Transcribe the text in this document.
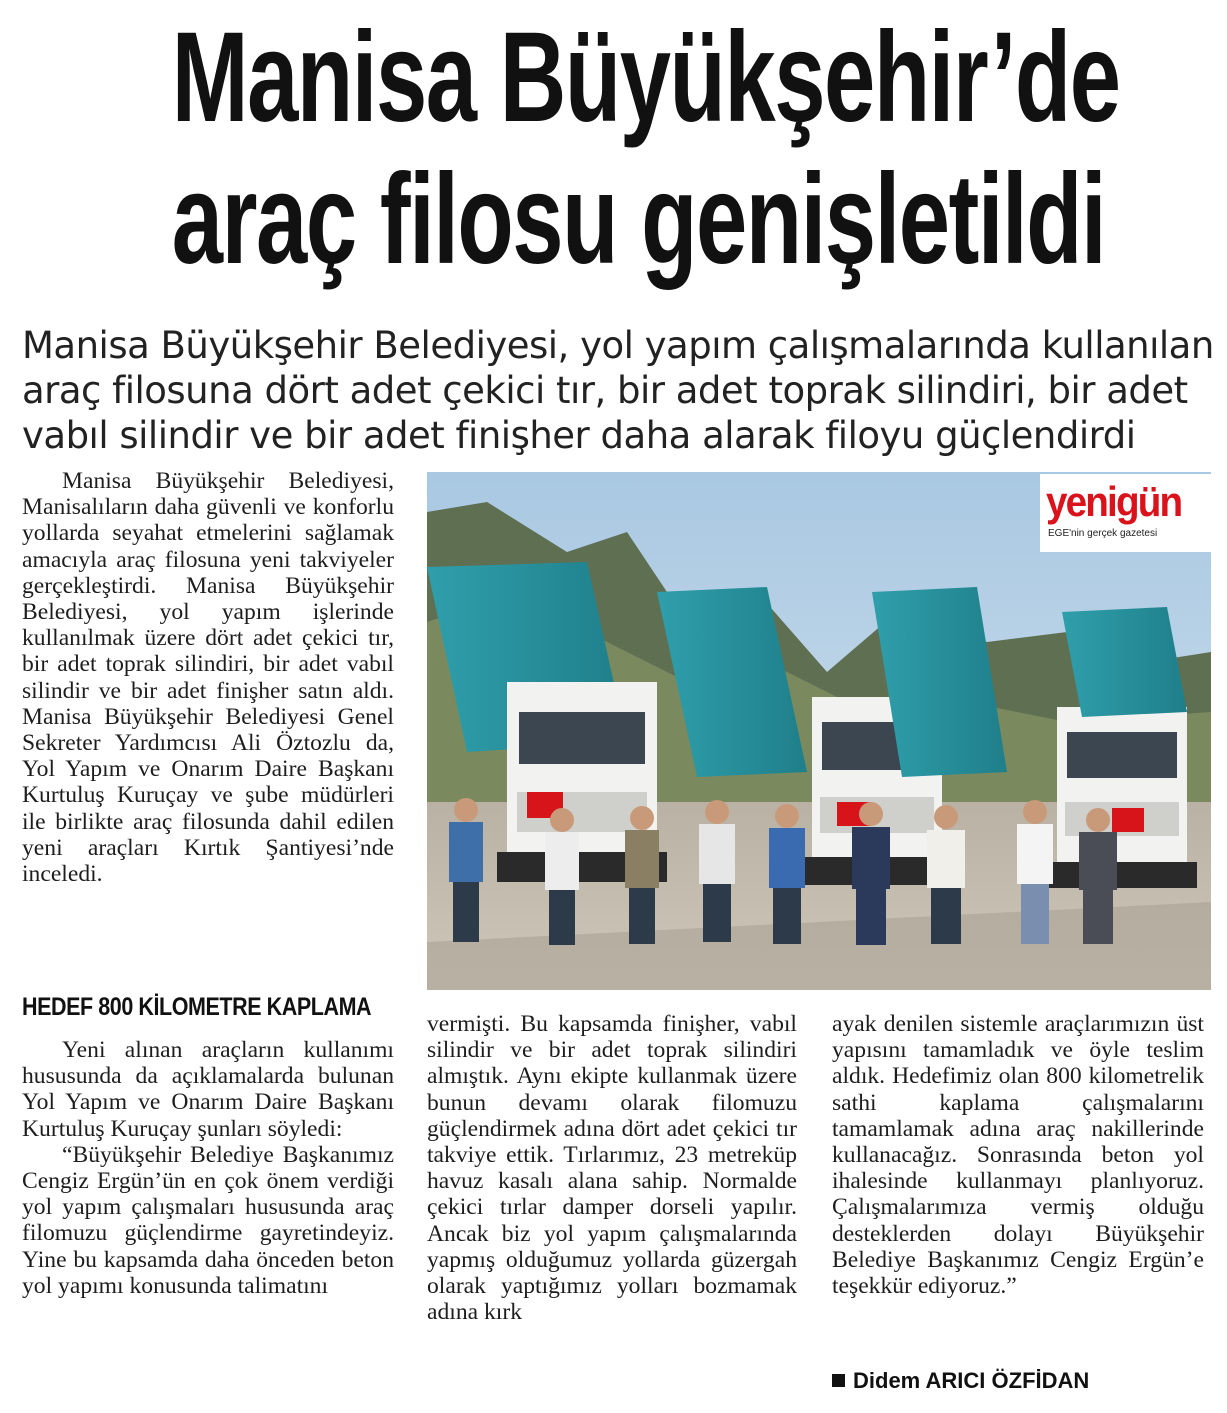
Manisa Büyükşehir’de
araç filosu genişletildi
Manisa Büyükşehir Belediyesi, yol yapım çalışmalarında kullanılan
araç filosuna dört adet çekici tır, bir adet toprak silindiri, bir adet
vabıl silindir ve bir adet finişher daha alarak filoyu güçlendirdi

Manisa Büyükşehir Belediyesi, Manisalıların daha güvenli ve konforlu yollarda seyahat etmelerini sağlamak amacıyla araç filosuna yeni takviyeler gerçekleştirdi. Manisa Büyükşehir Belediyesi, yol yapım işlerinde kullanılmak üzere dört adet çekici tır, bir adet toprak silindiri, bir adet vabıl silindir ve bir adet finişher satın aldı. Manisa Büyükşehir Belediyesi Genel Sekreter Yardımcısı Ali Öztozlu da, Yol Yapım ve Onarım Daire Başkanı Kurtuluş Kuruçay ve şube müdürleri ile birlikte araç filosunda dahil edilen yeni araçları Kırtık Şantiyesi’nde inceledi.

HEDEF 800 KİLOMETRE KAPLAMA

Yeni alınan araçların kullanımı hususunda da açıklamalarda bulunan Yol Yapım ve Onarım Daire Başkanı Kurtuluş Kuruçay şunları söyledi:

“Büyükşehir Belediye Başkanımız Cengiz Ergün’ün en çok önem verdiği yol yapım çalışmaları hususunda araç filomuzu güçlendirme gayretindeyiz. Yine bu kapsamda daha önceden beton yol yapımı konusunda talimatını

vermişti. Bu kapsamda finişher, vabıl silindir ve bir adet toprak silindiri almıştık. Aynı ekipte kullanmak üzere bunun devamı olarak filomuzu güçlendirmek adına dört adet çekici tır takviye ettik. Tırlarımız, 23 metreküp havuz kasalı alana sahip. Normalde çekici tırlar damper dorseli yapılır. Ancak biz yol yapım çalışmalarında yapmış olduğumuz yollarda güzergah olarak yaptığımız yolları bozmamak adına kırk

ayak denilen sistemle araçlarımızın üst yapısını tamamladık ve öyle teslim aldık. Hedefimiz olan 800 kilometrelik sathi kaplama çalışmalarını tamamlamak adına araç nakillerinde kullanacağız. Sonrasında beton yol ihalesinde kullanmayı planlıyoruz. Çalışmalarımıza vermiş olduğu desteklerden dolayı Büyükşehir Belediye Başkanımız Cengiz Ergün’e teşekkür ediyoruz.”

Didem ARICI ÖZFİDAN
yenigün
EGE'nin gerçek gazetesi
